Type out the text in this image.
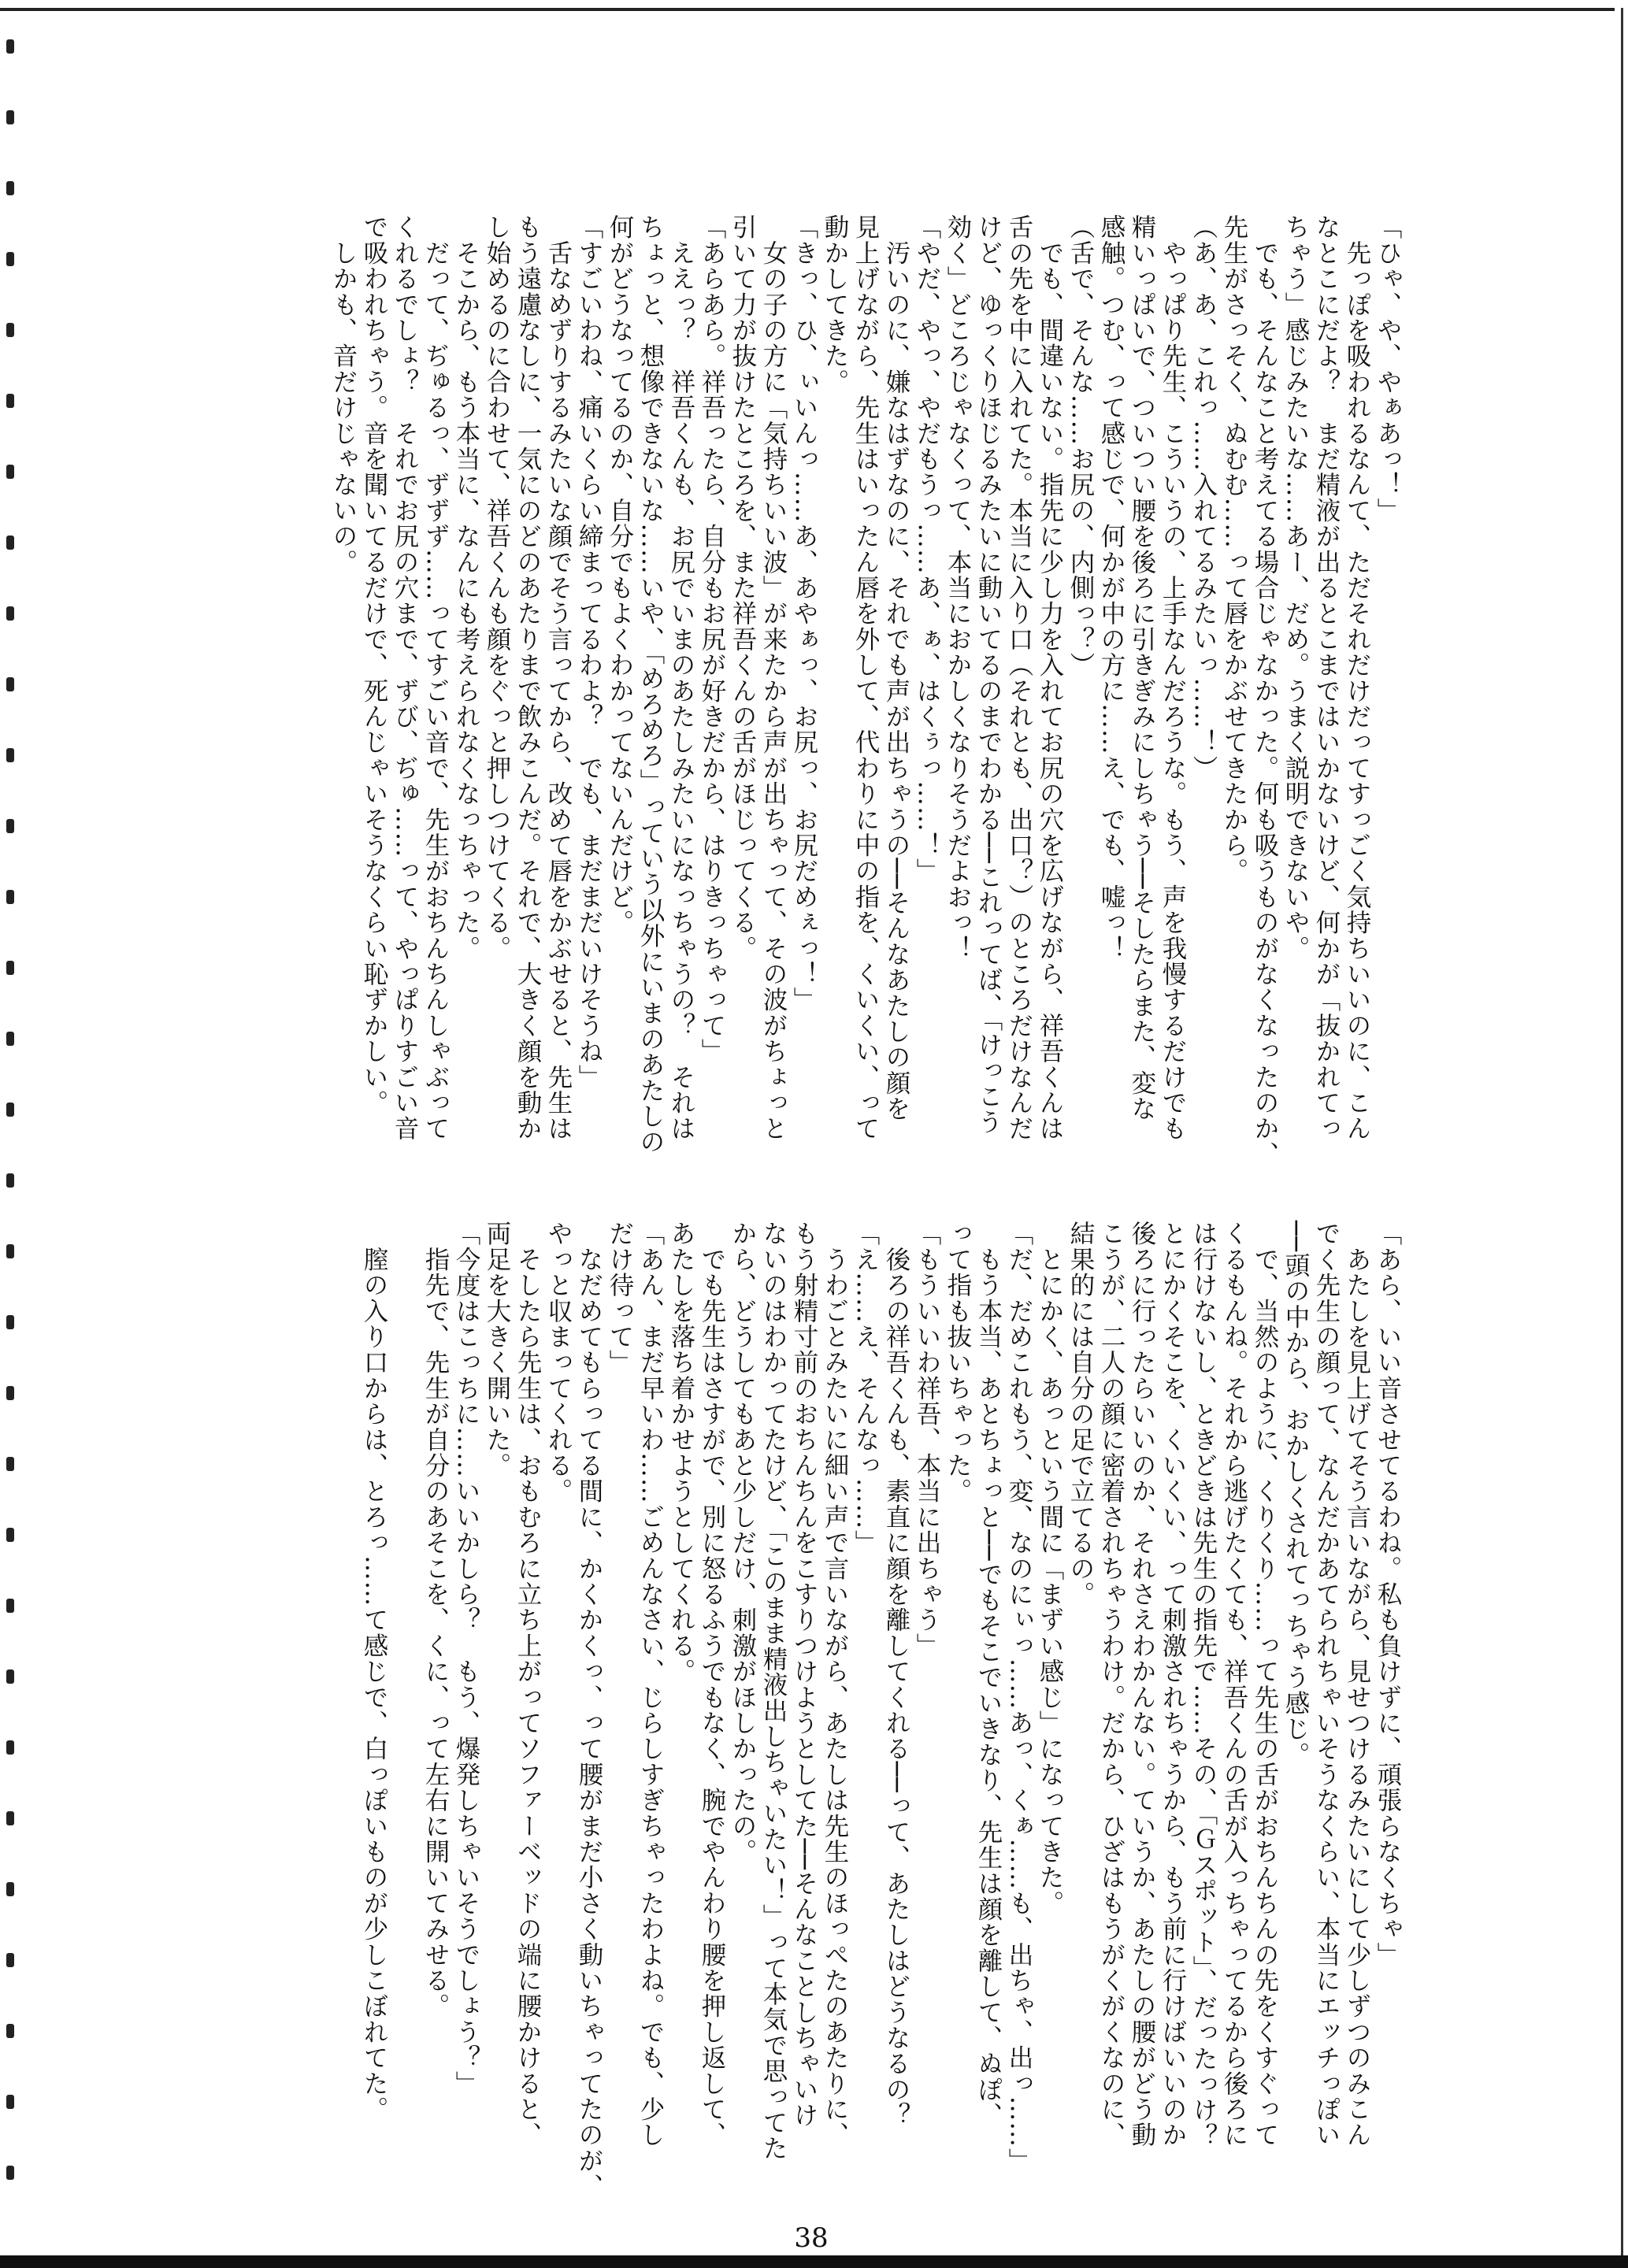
「ひゃ、や、やぁあっ！」
　先っぽを吸われるなんて、ただそれだけだってすっごく気持ちいいのに、こん
なとこにだよ？　まだ精液が出るとこまではいかないけど、何かが「抜かれてっ
ちゃう」感じみたいな……あー、だめ。うまく説明できないや。
　でも、そんなこと考えてる場合じゃなかった。何も吸うものがなくなったのか、
先生がさっそく、ぬむむ……って唇をかぶせてきたから。
（あ、あ、これっ……入れてるみたいっ……！）
　やっぱり先生、こういうの、上手なんだろうな。もう、声を我慢するだけでも
精いっぱいで、ついつい腰を後ろに引きぎみにしちゃう──そしたらまた、変な
感触。つむ、って感じで、何かが中の方に……え、でも、嘘っ！
（舌で、そんな……お尻の、内側っ？）
　でも、間違いない。指先に少し力を入れてお尻の穴を広げながら、祥吾くんは
舌の先を中に入れてた。本当に入り口（それとも、出口？）のところだけなんだ
けど、ゆっくりほじるみたいに動いてるのまでわかる──これってば、「けっこう
効く」どころじゃなくって、本当におかしくなりそうだよおっ！
「やだ、やっ、やだもうっ……あ、ぁ、はくぅっ……！」
　汚いのに、嫌なはずなのに、それでも声が出ちゃうの──そんなあたしの顔を
見上げながら、先生はいったん唇を外して、代わりに中の指を、くいくい、って
動かしてきた。
「きっ、ひ、ぃいんっ……あ、あやぁっ、お尻っ、お尻だめぇっ！」
　女の子の方に「気持ちいい波」が来たから声が出ちゃって、その波がちょっと
引いて力が抜けたところを、また祥吾くんの舌がほじってくる。
「あらあら。祥吾ったら、自分もお尻が好きだから、はりきっちゃって」
　ええっ？　祥吾くんも、お尻でいまのあたしみたいになっちゃうの？　それは
ちょっと、想像できないな……いや、「めろめろ」っていう以外にいまのあたしの
何がどうなってるのか、自分でもよくわかってないんだけど。
「すごいわね、痛いくらい締まってるわよ？　でも、まだまだいけそうね」
　舌なめずりするみたいな顔でそう言ってから、改めて唇をかぶせると、先生は
もう遠慮なしに、一気にのどのあたりまで飲みこんだ。それで、大きく顔を動か
し始めるのに合わせて、祥吾くんも顔をぐっと押しつけてくる。
　そこから、もう本当に、なんにも考えられなくなっちゃった。
　だって、ぢゅるっ、ずずず……ってすごい音で、先生がおちんちんしゃぶって
くれるでしょ？　それでお尻の穴まで、ずび、ぢゅ……って、やっぱりすごい音
で吸われちゃう。音を聞いてるだけで、死んじゃいそうなくらい恥ずかしい。
　しかも、音だけじゃないの。
「あら、いい音させてるわね。私も負けずに、頑張らなくちゃ」
　あたしを見上げてそう言いながら、見せつけるみたいにして少しずつのみこん
でく先生の顔って、なんだかあてられちゃいそうなくらい、本当にエッチっぽい
──頭の中から、おかしくされてっちゃう感じ。
　で、当然のように、くりくり……って先生の舌がおちんちんの先をくすぐって
くるもんね。それから逃げたくても、祥吾くんの舌が入っちゃってるから後ろに
は行けないし、ときどきは先生の指先で……その、「Ｇスポット」、だったっけ？
とにかくそこを、くいくい、って刺激されちゃうから、もう前に行けばいいのか
後ろに行ったらいいのか、それさえわかんない。ていうか、あたしの腰がどう動
こうが、二人の顔に密着されちゃうわけ。だから、ひざはもうがくがくなのに、
結果的には自分の足で立てるの。
　とにかく、あっという間に「まずい感じ」になってきた。
「だ、だめこれもう、変、なのにぃっ……あっ、くぁ……も、出ちゃ、出っ……」
　もう本当、あとちょっと──でもそこでいきなり、先生は顔を離して、ぬぽ、
って指も抜いちゃった。
「もういいわ祥吾、本当に出ちゃう」
　後ろの祥吾くんも、素直に顔を離してくれる──って、あたしはどうなるの？
「え……え、そんなっ……」
　うわごとみたいに細い声で言いながら、あたしは先生のほっぺたのあたりに、
もう射精寸前のおちんちんをこすりつけようとしてた──そんなことしちゃいけ
ないのはわかってたけど、「このまま精液出しちゃいたい！」って本気で思ってた
から、どうしてもあと少しだけ、刺激がほしかったの。
　でも先生はさすがで、別に怒るふうでもなく、腕でやんわり腰を押し返して、
あたしを落ち着かせようとしてくれる。
「あん、まだ早いわ……ごめんなさい、じらしすぎちゃったわよね。でも、少し
だけ待って」
　なだめてもらってる間に、かくかくっ、って腰がまだ小さく動いちゃってたのが、
やっと収まってくれる。
　そしたら先生は、おもむろに立ち上がってソファーベッドの端に腰かけると、
両足を大きく開いた。
「今度はこっちに……いいかしら？　もう、爆発しちゃいそうでしょう？」
　指先で、先生が自分のあそこを、くに、って左右に開いてみせる。

　膣の入り口からは、とろっ……て感じで、白っぽいものが少しこぼれてた。
38
